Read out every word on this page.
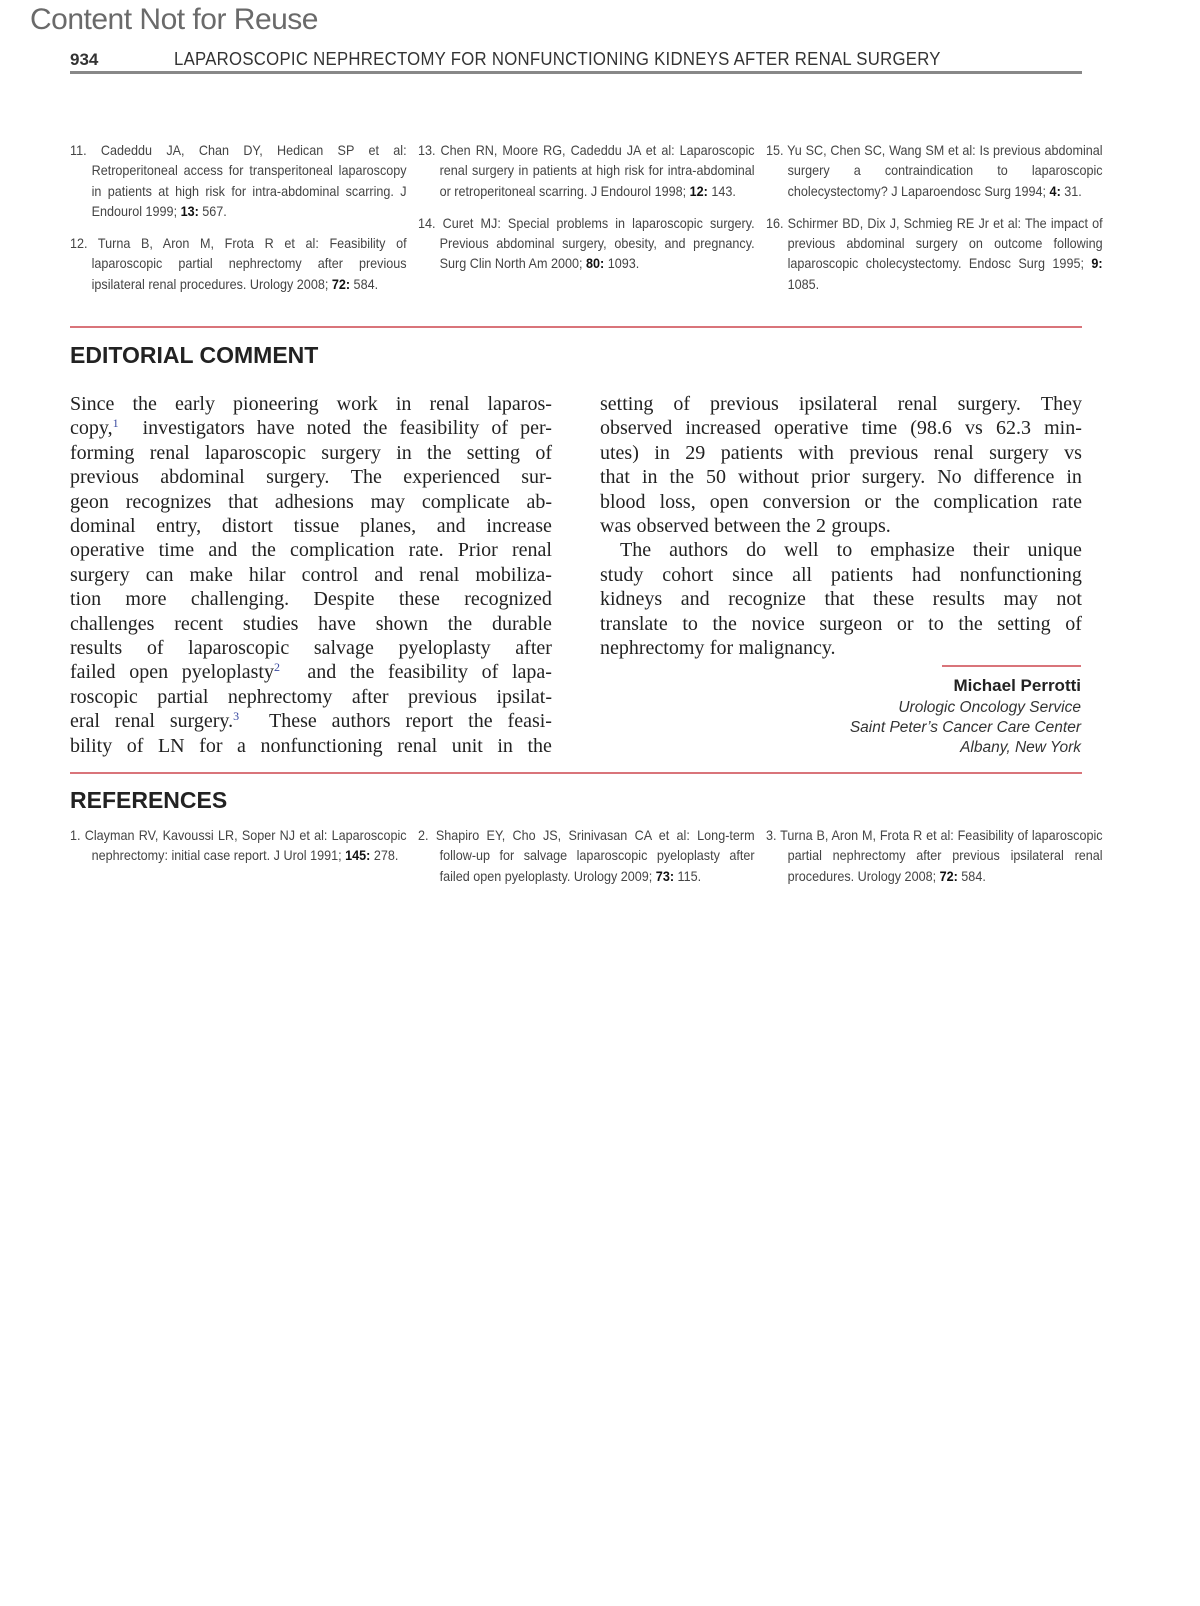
Content Not for Reuse
934	LAPAROSCOPIC NEPHRECTOMY FOR NONFUNCTIONING KIDNEYS AFTER RENAL SURGERY
11. Cadeddu JA, Chan DY, Hedican SP et al: Retroperitoneal access for transperitoneal laparoscopy in patients at high risk for intra-abdominal scarring. J Endourol 1999; 13: 567.
12. Turna B, Aron M, Frota R et al: Feasibility of laparoscopic partial nephrectomy after previous ipsilateral renal procedures. Urology 2008; 72: 584.
13. Chen RN, Moore RG, Cadeddu JA et al: Laparoscopic renal surgery in patients at high risk for intra-abdominal or retroperitoneal scarring. J Endourol 1998; 12: 143.
14. Curet MJ: Special problems in laparoscopic surgery. Previous abdominal surgery, obesity, and pregnancy. Surg Clin North Am 2000; 80: 1093.
15. Yu SC, Chen SC, Wang SM et al: Is previous abdominal surgery a contraindication to laparoscopic cholecystectomy? J Laparoendosc Surg 1994; 4: 31.
16. Schirmer BD, Dix J, Schmieg RE Jr et al: The impact of previous abdominal surgery on outcome following laparoscopic cholecystectomy. Endosc Surg 1995; 9: 1085.
EDITORIAL COMMENT
Since the early pioneering work in renal laparos-
copy,$^1$ investigators have noted the feasibility of per-
forming renal laparoscopic surgery in the setting of
previous abdominal surgery. The experienced sur-
geon recognizes that adhesions may complicate ab-
dominal entry, distort tissue planes, and increase
operative time and the complication rate. Prior renal
surgery can make hilar control and renal mobiliza-
tion more challenging. Despite these recognized
challenges recent studies have shown the durable
results of laparoscopic salvage pyeloplasty after
failed open pyeloplasty$^2$ and the feasibility of lapa-
roscopic partial nephrectomy after previous ipsilat-
eral renal surgery.$^3$ These authors report the feasi-
bility of LN for a nonfunctioning renal unit in the
setting of previous ipsilateral renal surgery. They
observed increased operative time (98.6 vs 62.3 min-
utes) in 29 patients with previous renal surgery vs
that in the 50 without prior surgery. No difference in
blood loss, open conversion or the complication rate
was observed between the 2 groups.
 The authors do well to emphasize their unique
study cohort since all patients had nonfunctioning
kidneys and recognize that these results may not
translate to the novice surgeon or to the setting of
nephrectomy for malignancy.
Michael Perrotti
Urologic Oncology Service
Saint Peter’s Cancer Care Center
Albany, New York
REFERENCES
1. Clayman RV, Kavoussi LR, Soper NJ et al: Laparoscopic nephrectomy: initial case report. J Urol 1991; 145: 278.
2. Shapiro EY, Cho JS, Srinivasan CA et al: Long-term follow-up for salvage laparoscopic pyeloplasty after failed open pyeloplasty. Urology 2009; 73: 115.
3. Turna B, Aron M, Frota R et al: Feasibility of laparoscopic partial nephrectomy after previous ipsilateral renal procedures. Urology 2008; 72: 584.
